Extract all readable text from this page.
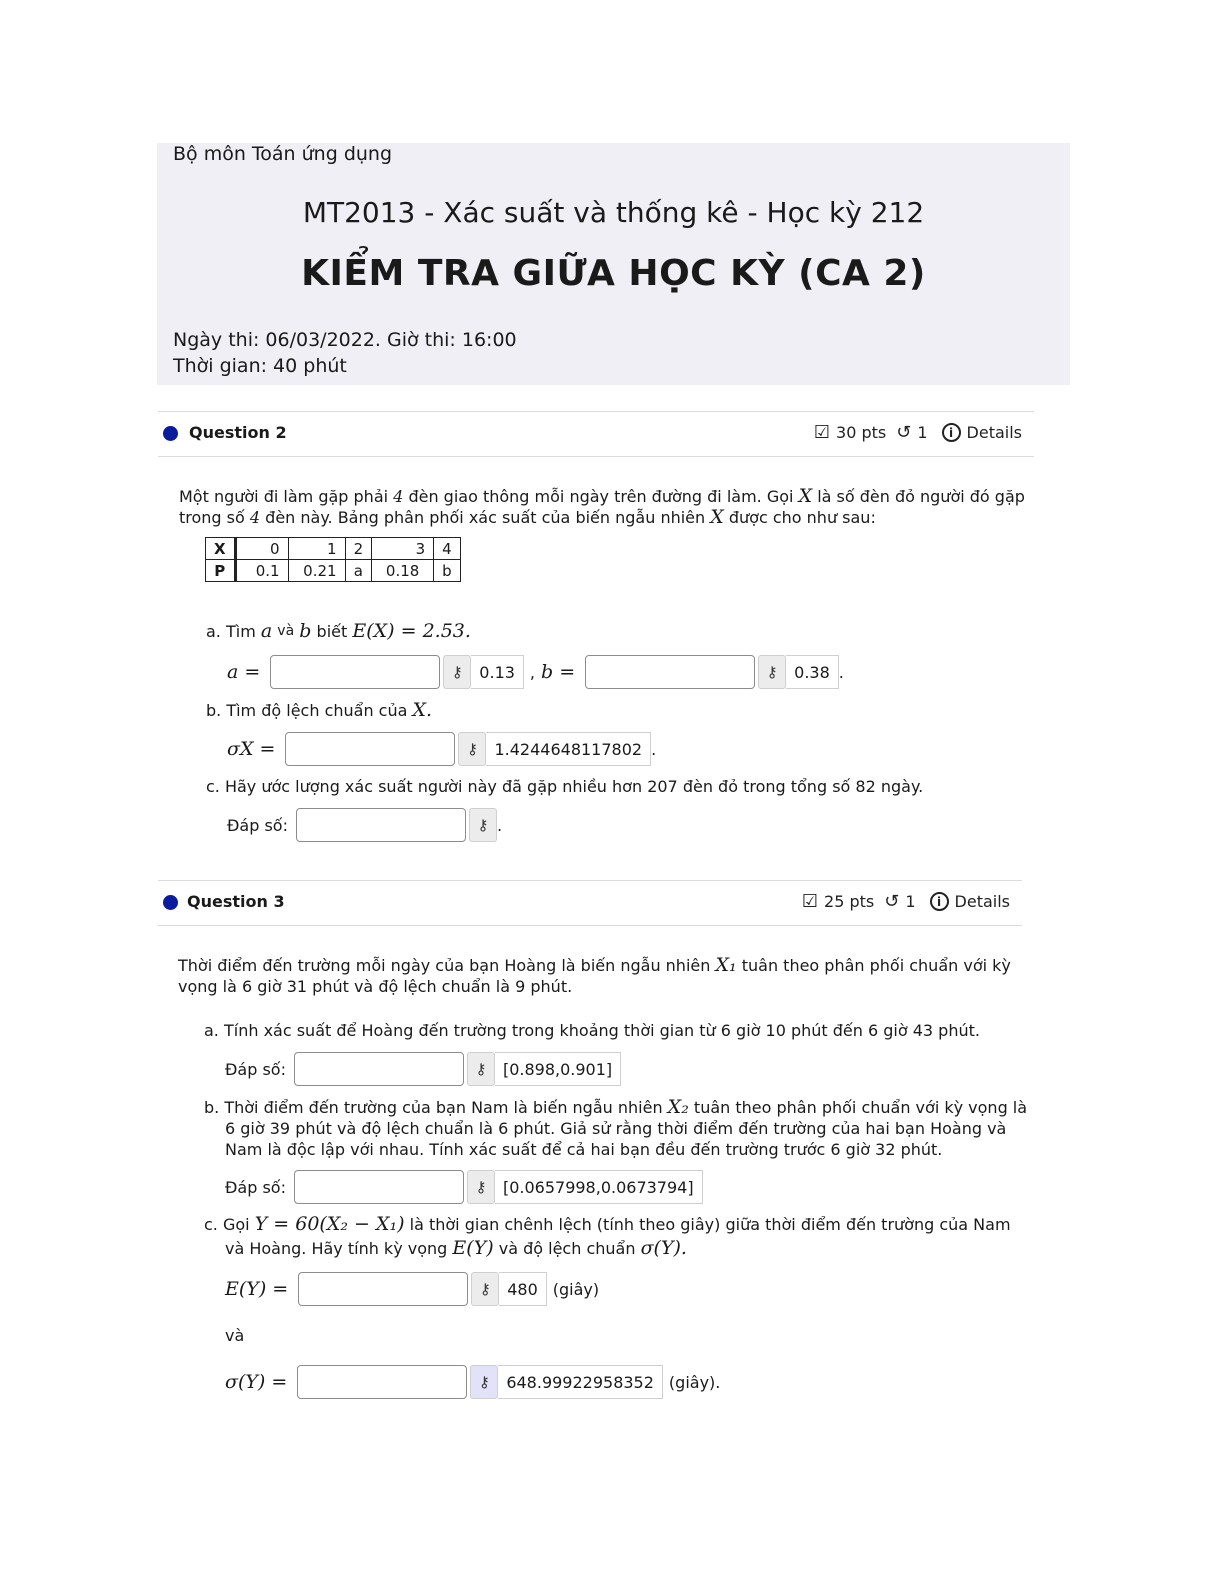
Bộ môn Toán ứng dụng
MT2013 - Xác suất và thống kê - Học kỳ 212
KIỂM TRA GIỮA HỌC KỲ (CA 2)
Ngày thi: 06/03/2022. Giờ thi: 16:00
Thời gian: 40 phút
Question 2	☑ 30 pts ↺ 1	i Details
Một người đi làm gặp phải 4 đèn giao thông mỗi ngày trên đường đi làm. Gọi X là số đèn đỏ người đó gặp
trong số 4 đèn này. Bảng phân phối xác suất của biến ngẫu nhiên X được cho như sau:
X	0	1	2	3	4
P	0.1	0.21	a	0.18	b
a. Tìm
a
và
b
biết
E(X) = 2.53.
a =	⚷	0.13 , b =	⚷	0.38 .
b. Tìm độ lệch chuẩn của
X.
σX =	⚷	1.4244648117802 .
c. Hãy ước lượng xác suất người này đã gặp nhiều hơn 207 đèn đỏ trong tổng số 82 ngày.
Đáp số:	⚷ .
Question 3	☑ 25 pts ↺ 1	i Details
Thời điểm đến trường mỗi ngày của bạn Hoàng là biến ngẫu nhiên X₁ tuân theo phân phối chuẩn với kỳ
vọng là 6 giờ 31 phút và độ lệch chuẩn là 9 phút.
a. Tính xác suất để Hoàng đến trường trong khoảng thời gian từ 6 giờ 10 phút đến 6 giờ 43 phút.
Đáp số:	⚷	[0.898,0.901]
b. Thời điểm đến trường của bạn Nam là biến ngẫu nhiên X₂ tuân theo phân phối chuẩn với kỳ vọng là
6 giờ 39 phút và độ lệch chuẩn là 6 phút. Giả sử rằng thời điểm đến trường của hai bạn Hoàng và
Nam là độc lập với nhau. Tính xác suất để cả hai bạn đều đến trường trước 6 giờ 32 phút.
Đáp số:	⚷	[0.0657998,0.0673794]
c. Gọi Y = 60(X₂ − X₁) là thời gian chênh lệch (tính theo giây) giữa thời điểm đến trường của Nam
và Hoàng. Hãy tính kỳ vọng E(Y) và độ lệch chuẩn σ(Y).
E(Y) =	⚷	480 (giây)
và
σ(Y) =	⚷	648.99922958352 (giây).
